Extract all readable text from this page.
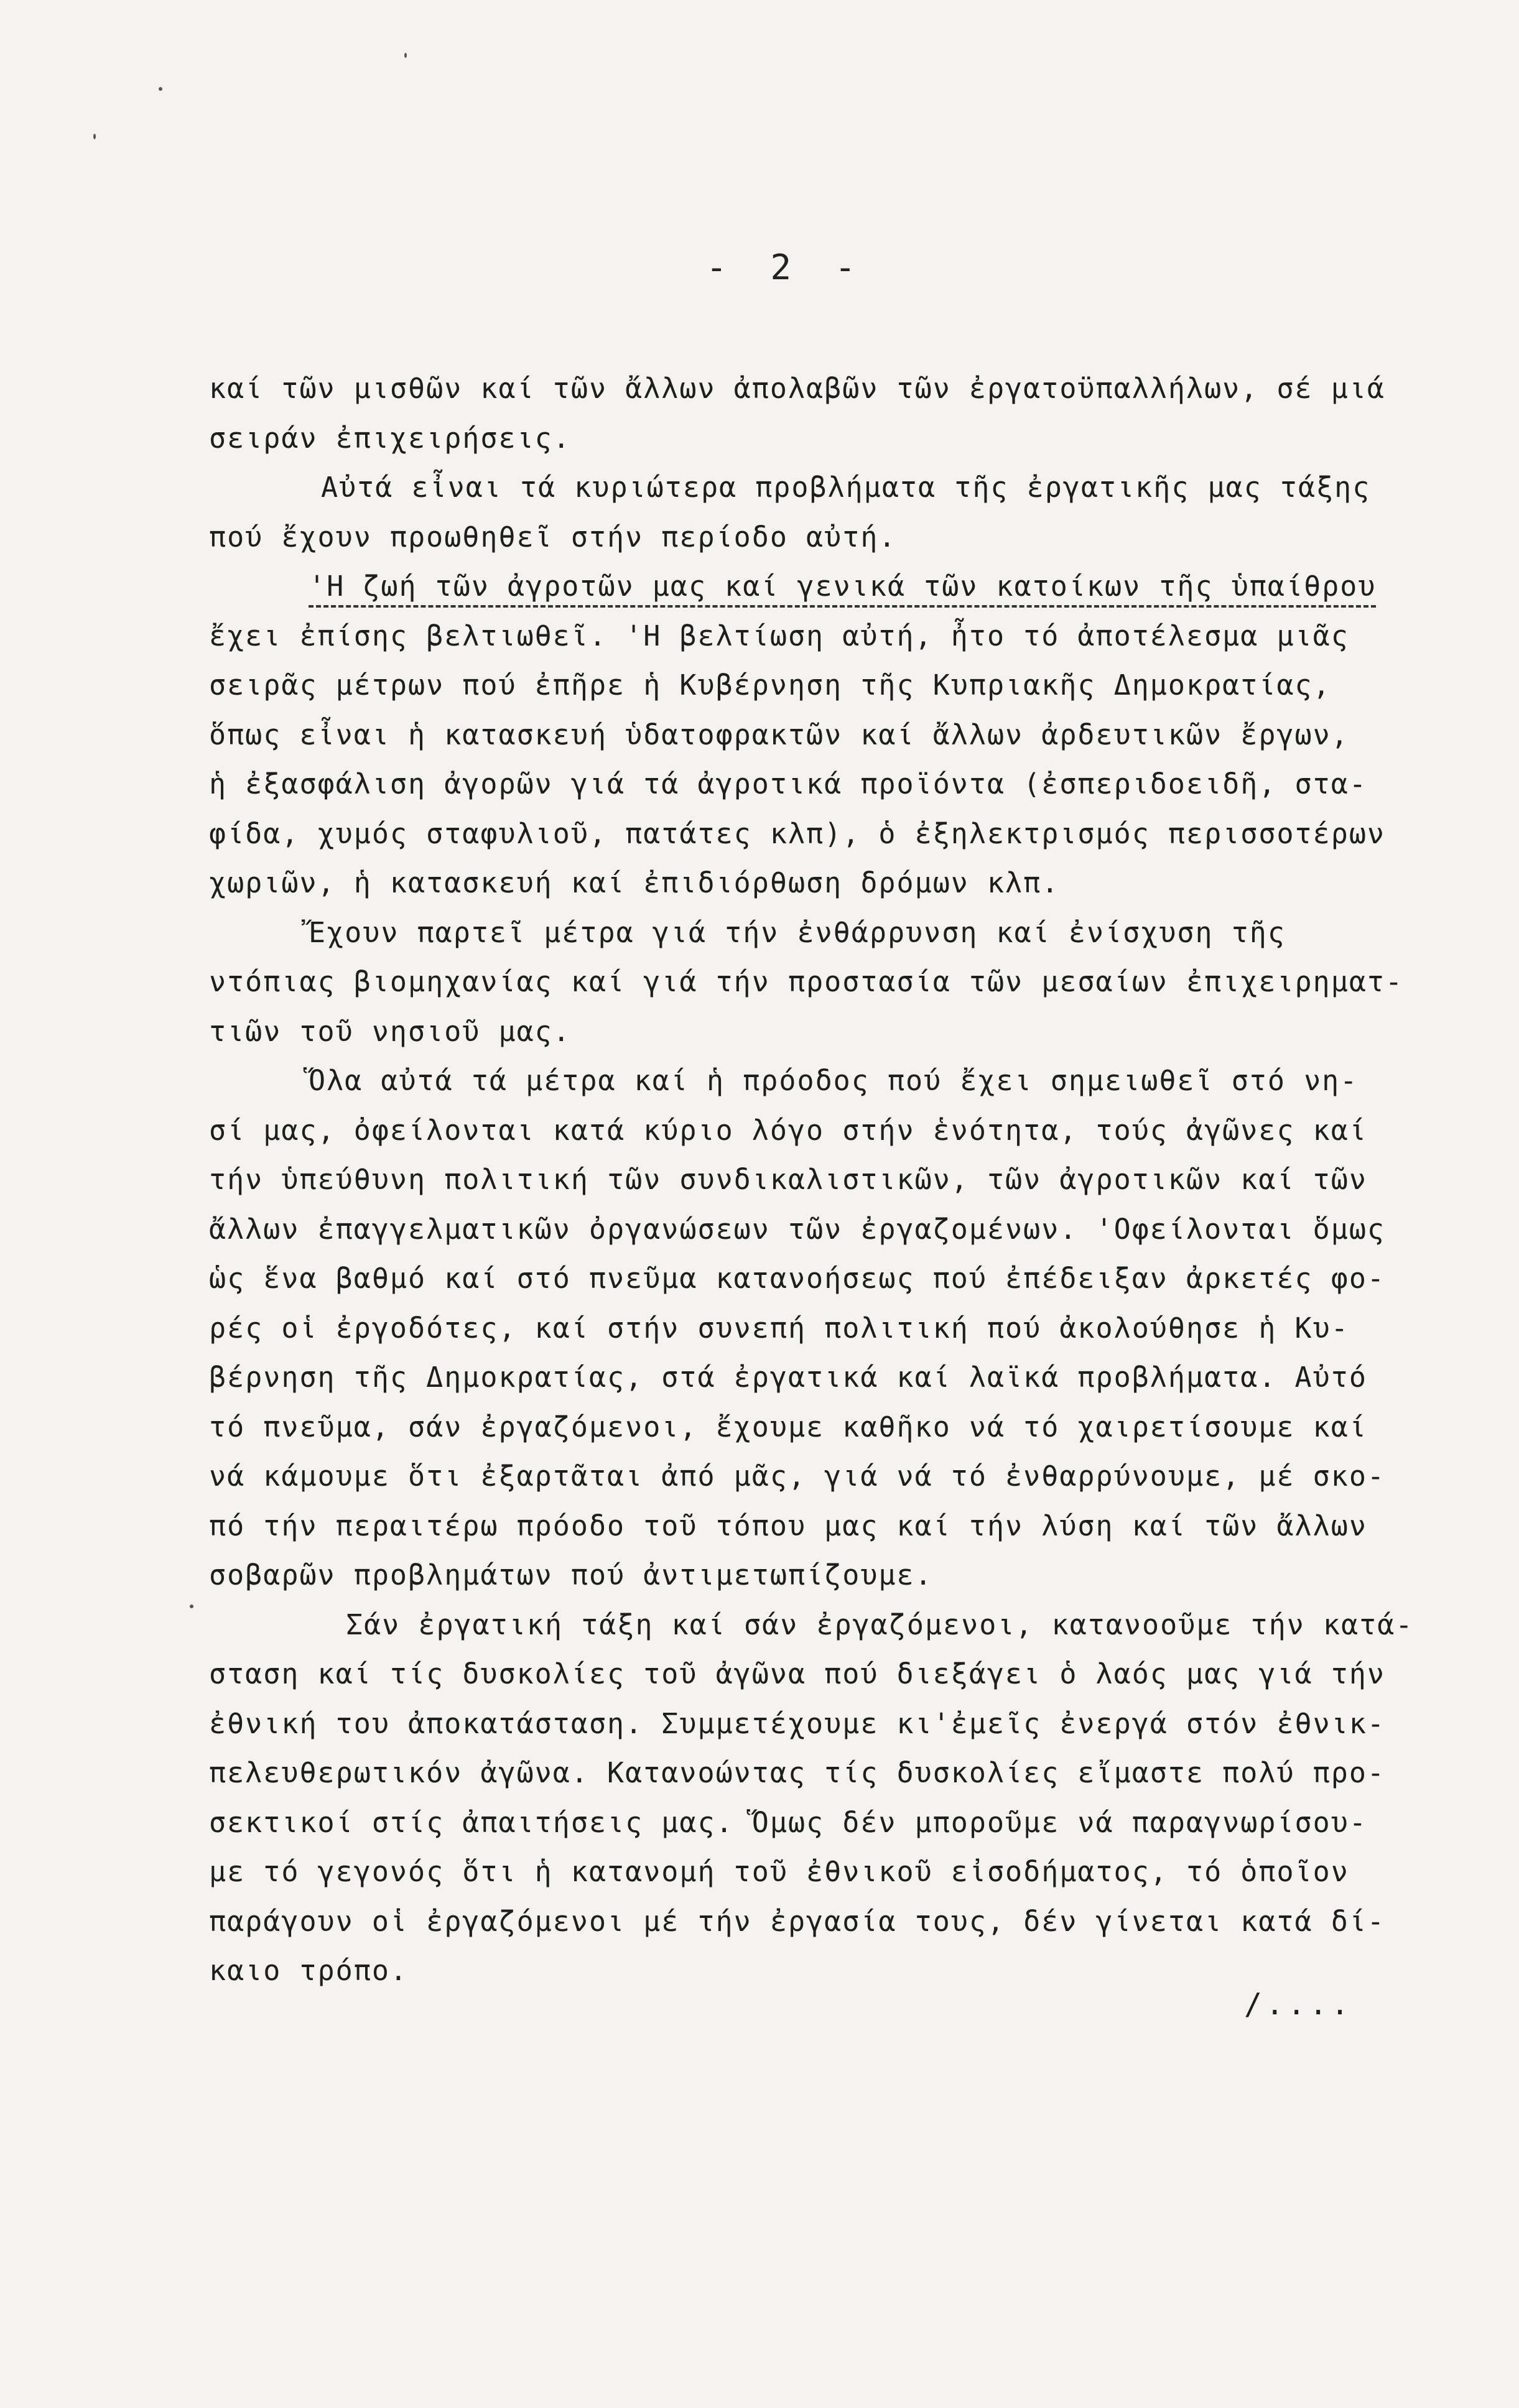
- 2 -
καί τῶν μισθῶν καί τῶν ἄλλων ἀπολαβῶν τῶν ἐργατοϋπαλλήλων, σέ μιά
σειράν ἐπιχειρήσεις.
Αὐτά εἶναι τά κυριώτερα προβλήματα τῆς ἐργατικῆς μας τάξης
πού ἔχουν προωθηθεῖ στήν περίοδο αὐτή.
'Η ζωή τῶν ἀγροτῶν μας καί γενικά τῶν κατοίκων τῆς ὑπαίθρου
ἔχει ἐπίσης βελτιωθεῖ. 'Η βελτίωση αὐτή, ἦτο τό ἀποτέλεσμα μιᾶς
σειρᾶς μέτρων πού ἐπῆρε ἡ Κυβέρνηση τῆς Κυπριακῆς Δημοκρατίας,
ὅπως εἶναι ἡ κατασκευή ὑδατοφρακτῶν καί ἄλλων ἀρδευτικῶν ἔργων,
ἡ ἐξασφάλιση ἀγορῶν γιά τά ἀγροτικά προϊόντα (ἐσπεριδοειδῆ, στα-
φίδα, χυμός σταφυλιοῦ, πατάτες κλπ), ὁ ἐξηλεκτρισμός περισσοτέρων
χωριῶν, ἡ κατασκευή καί ἐπιδιόρθωση δρόμων κλπ.
Ἔχουν παρτεῖ μέτρα γιά τήν ἐνθάρρυνση καί ἐνίσχυση τῆς
ντόπιας βιομηχανίας καί γιά τήν προστασία τῶν μεσαίων ἐπιχειρηματ-
τιῶν τοῦ νησιοῦ μας.
Ὅλα αὐτά τά μέτρα καί ἡ πρόοδος πού ἔχει σημειωθεῖ στό νη-
σί μας, ὀφείλονται κατά κύριο λόγο στήν ἑνότητα, τούς ἀγῶνες καί
τήν ὑπεύθυνη πολιτική τῶν συνδικαλιστικῶν, τῶν ἀγροτικῶν καί τῶν
ἄλλων ἐπαγγελματικῶν ὀργανώσεων τῶν ἐργαζομένων. 'Οφείλονται ὅμως
ὡς ἕνα βαθμό καί στό πνεῦμα κατανοήσεως πού ἐπέδειξαν ἀρκετές φο-
ρές οἱ ἐργοδότες, καί στήν συνεπή πολιτική πού ἀκολούθησε ἡ Κυ-
βέρνηση τῆς Δημοκρατίας, στά ἐργατικά καί λαϊκά προβλήματα. Αὐτό
τό πνεῦμα, σάν ἐργαζόμενοι, ἔχουμε καθῆκο νά τό χαιρετίσουμε καί
νά κάμουμε ὅτι ἐξαρτᾶται ἀπό μᾶς, γιά νά τό ἐνθαρρύνουμε, μέ σκο-
πό τήν περαιτέρω πρόοδο τοῦ τόπου μας καί τήν λύση καί τῶν ἄλλων
σοβαρῶν προβλημάτων πού ἀντιμετωπίζουμε.
Σάν ἐργατική τάξη καί σάν ἐργαζόμενοι, κατανοοῦμε τήν κατά-
σταση καί τίς δυσκολίες τοῦ ἀγῶνα πού διεξάγει ὁ λαός μας γιά τήν
ἐθνική του ἀποκατάσταση. Συμμετέχουμε κι'ἐμεῖς ἐνεργά στόν ἐθνικ-
πελευθερωτικόν ἀγῶνα. Κατανοώντας τίς δυσκολίες εἴμαστε πολύ προ-
σεκτικοί στίς ἀπαιτήσεις μας. Ὅμως δέν μποροῦμε νά παραγνωρίσου-
με τό γεγονός ὅτι ἡ κατανομή τοῦ ἐθνικοῦ εἰσοδήματος, τό ὁποῖον
παράγουν οἱ ἐργαζόμενοι μέ τήν ἐργασία τους, δέν γίνεται κατά δί-
καιο τρόπο.
/....
